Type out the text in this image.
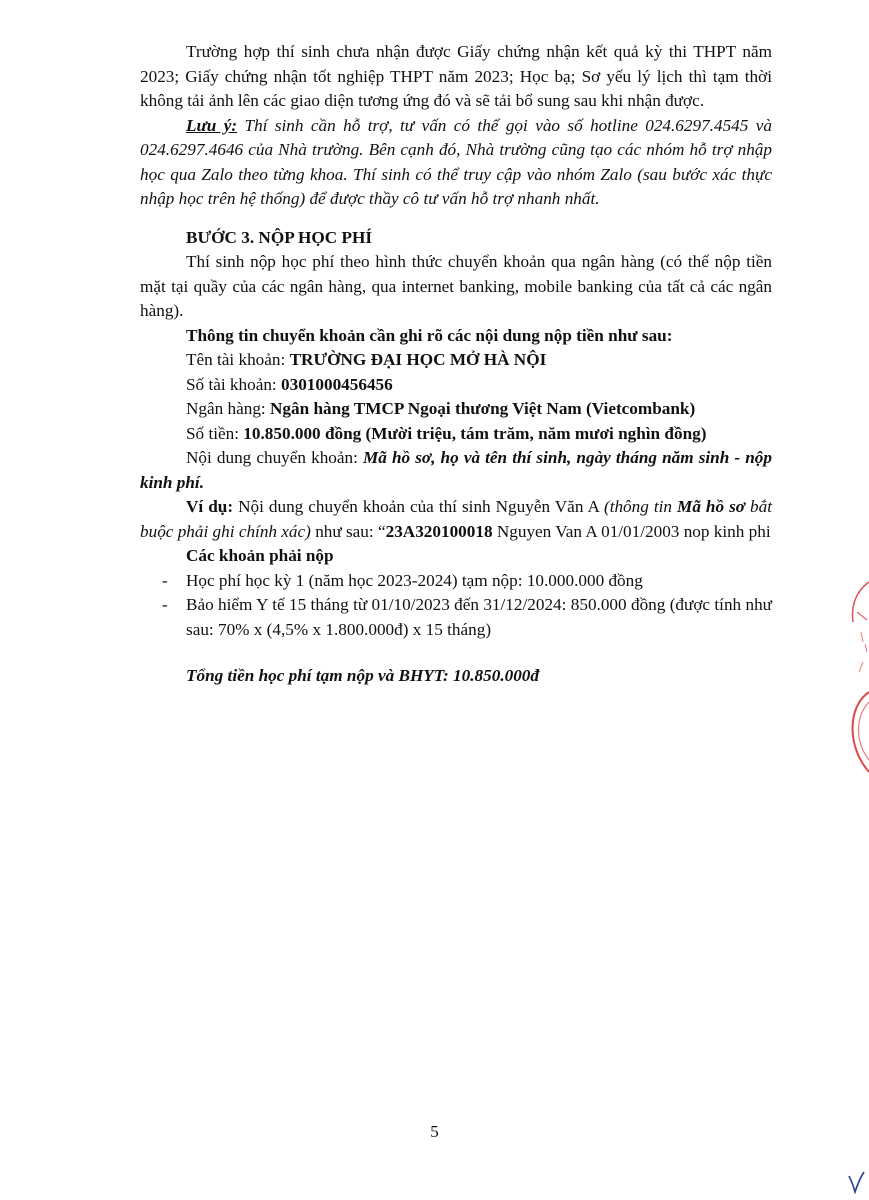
Trường hợp thí sinh chưa nhận được Giấy chứng nhận kết quả kỳ thi THPT năm 2023; Giấy chứng nhận tốt nghiệp THPT năm 2023; Học bạ; Sơ yếu lý lịch thì tạm thời không tải ảnh lên các giao diện tương ứng đó và sẽ tải bổ sung sau khi nhận được.

Lưu ý: Thí sinh cần hỗ trợ, tư vấn có thể gọi vào số hotline 024.6297.4545 và 024.6297.4646 của Nhà trường. Bên cạnh đó, Nhà trường cũng tạo các nhóm hỗ trợ nhập học qua Zalo theo từng khoa. Thí sinh có thể truy cập vào nhóm Zalo (sau bước xác thực nhập học trên hệ thống) để được thầy cô tư vấn hỗ trợ nhanh nhất.

BƯỚC 3. NỘP HỌC PHÍ

Thí sinh nộp học phí theo hình thức chuyển khoản qua ngân hàng (có thể nộp tiền mặt tại quầy của các ngân hàng, qua internet banking, mobile banking của tất cả các ngân hàng).

Thông tin chuyển khoản cần ghi rõ các nội dung nộp tiền như sau:

Tên tài khoản: TRƯỜNG ĐẠI HỌC MỞ HÀ NỘI

Số tài khoản: 0301000456456

Ngân hàng: Ngân hàng TMCP Ngoại thương Việt Nam (Vietcombank)

Số tiền: 10.850.000 đồng (Mười triệu, tám trăm, năm mươi nghìn đồng)

Nội dung chuyển khoản: Mã hồ sơ, họ và tên thí sinh, ngày tháng năm sinh - nộp kinh phí.

Ví dụ: Nội dung chuyển khoản của thí sinh Nguyễn Văn A (thông tin Mã hồ sơ bắt buộc phải ghi chính xác) như sau: “23A320100018 Nguyen Van A 01/01/2003 nop kinh phi

Các khoản phải nộp

- Học phí học kỳ 1 (năm học 2023-2024) tạm nộp: 10.000.000 đồng
- Bảo hiểm Y tế 15 tháng từ 01/10/2023 đến 31/12/2024: 850.000 đồng (được tính như sau: 70% x (4,5% x 1.800.000đ) x 15 tháng)

Tổng tiền học phí tạm nộp và BHYT: 10.850.000đ

5
